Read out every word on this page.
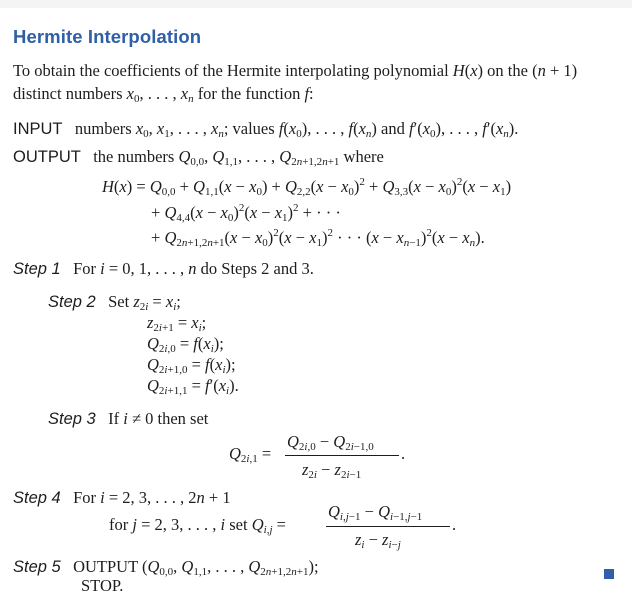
Hermite Interpolation
To obtain the coefficients of the Hermite interpolating polynomial H(x) on the (n + 1)
distinct numbers $x_0$, . . . , $x_n$ for the function f:
INPUT   numbers $x_0$, $x_1$, . . . , $x_n$; values $f(x_0)$, . . . , $f(x_n)$ and $f'(x_0)$, . . . , $f'(x_n)$.
OUTPUT   the numbers $Q_{0,0}$, $Q_{1,1}$, . . . , $Q_{2n+1,2n+1}$ where
$H(x) = Q_{0,0} + Q_{1,1}(x - x_0) + Q_{2,2}(x - x_0)^2 + Q_{3,3}(x - x_0)^2(x - x_1)$
+ $Q_{4,4}(x - x_0)^2(x - x_1)^2$ + · · ·
+ $Q_{2n+1,2n+1}(x - x_0)^2(x - x_1)^2$ · · · $(x - x_{n-1})^2(x - x_n)$.
Step 1   For i = 0, 1, . . . , n do Steps 2 and 3.
Step 2   Set $z_{2i} = x_i$;
$z_{2i+1} = x_i$;
$Q_{2i,0} = f(x_i)$;
$Q_{2i+1,0} = f(x_i)$;
$Q_{2i+1,1} = f'(x_i)$.
Step 3   If i ≠ 0 then set
$Q_{2i,1}$ =
$Q_{2i,0} - Q_{2i-1,0}$
$z_{2i} - z_{2i-1}$
.
Step 4   For i = 2, 3, . . . , 2n + 1
for j = 2, 3, . . . , i set $Q_{i,j}$ =
$Q_{i,j-1} - Q_{i-1,j-1}$
$z_i - z_{i-j}$
.
Step 5   OUTPUT ($Q_{0,0}$, $Q_{1,1}$, . . . , $Q_{2n+1,2n+1}$);
STOP.
